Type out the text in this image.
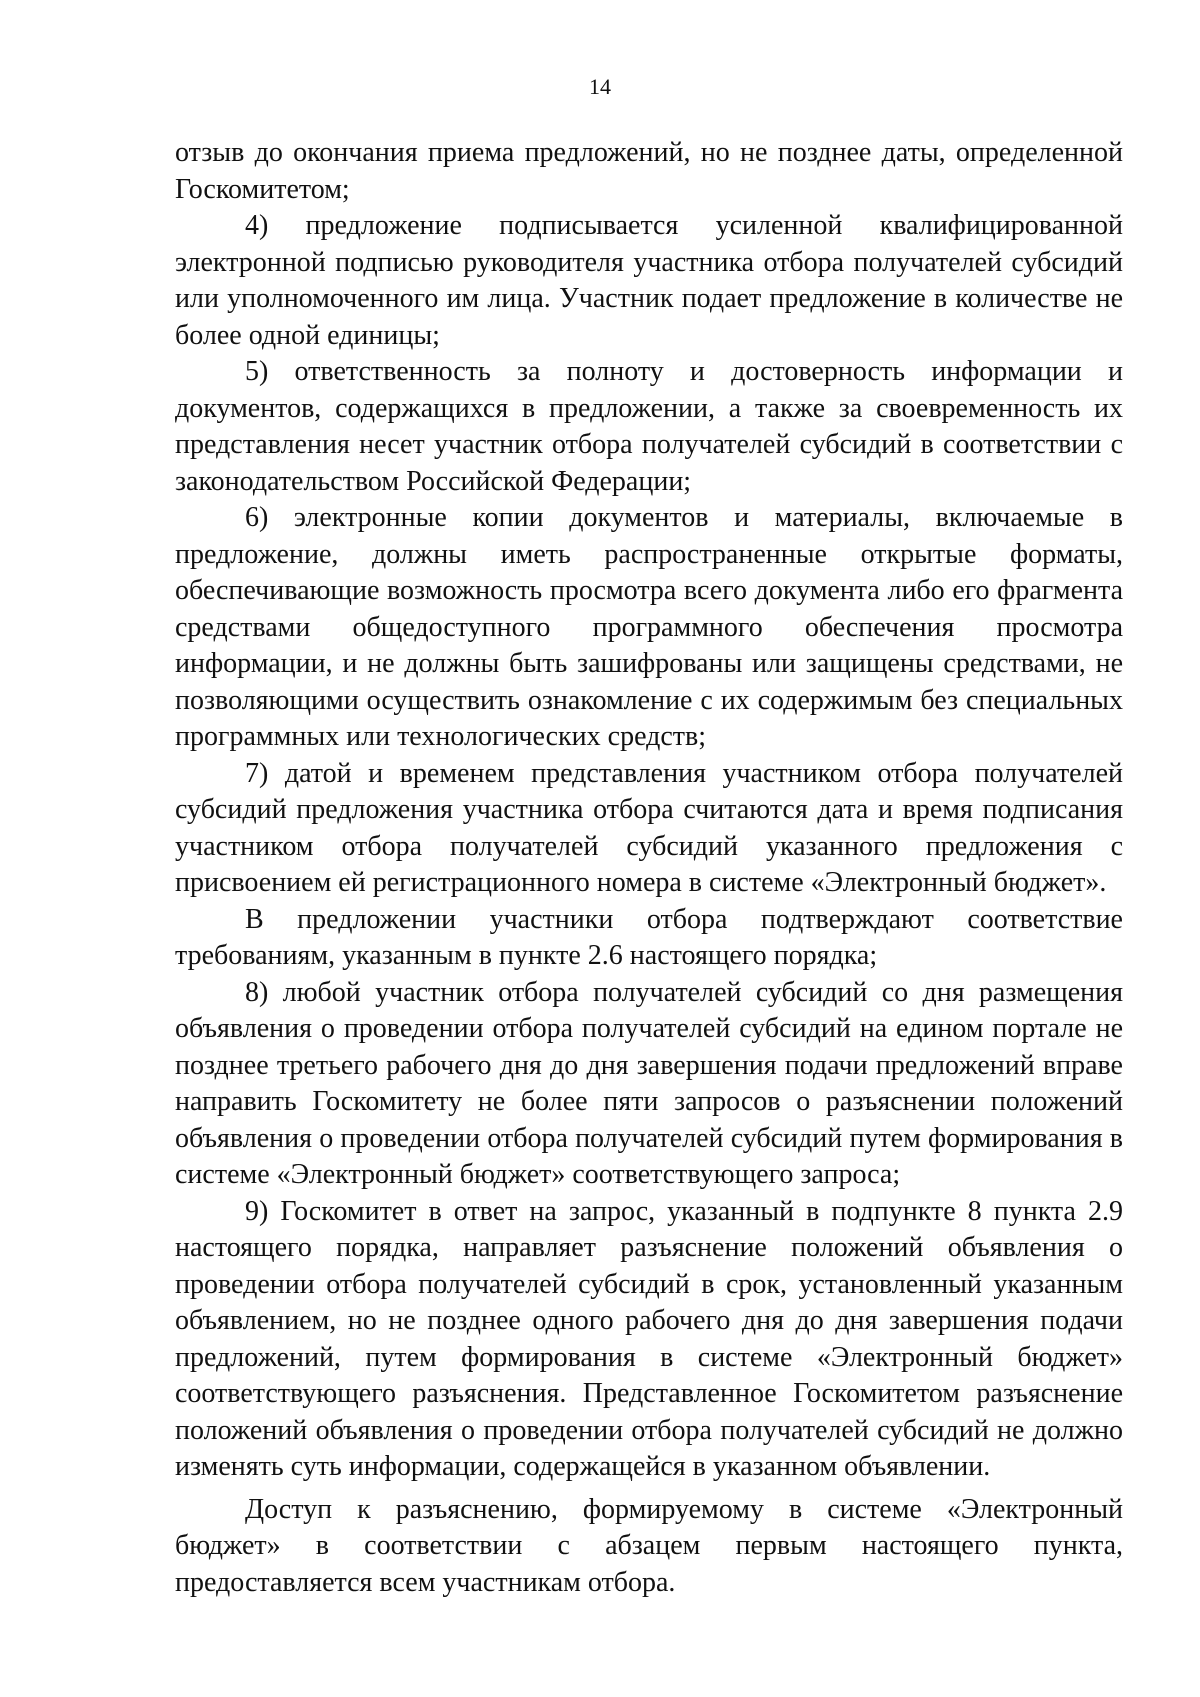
14

отзыв до окончания приема предложений, но не позднее даты, определенной Госкомитетом;

4) предложение подписывается усиленной квалифицированной электронной подписью руководителя участника отбора получателей субсидий или уполномоченного им лица. Участник подает предложение в количестве не более одной единицы;

5) ответственность за полноту и достоверность информации и документов, содержащихся в предложении, а также за своевременность их представления несет участник отбора получателей субсидий в соответствии с законодательством Российской Федерации;

6) электронные копии документов и материалы, включаемые в предложение, должны иметь распространенные открытые форматы, обеспечивающие возможность просмотра всего документа либо его фрагмента средствами общедоступного программного обеспечения просмотра информации, и не должны быть зашифрованы или защищены средствами, не позволяющими осуществить ознакомление с их содержимым без специальных программных или технологических средств;

7) датой и временем представления участником отбора получателей субсидий предложения участника отбора считаются дата и время подписания участником отбора получателей субсидий указанного предложения с присвоением ей регистрационного номера в системе «Электронный бюджет».

В предложении участники отбора подтверждают соответствие требованиям, указанным в пункте 2.6 настоящего порядка;

8) любой участник отбора получателей субсидий со дня размещения объявления о проведении отбора получателей субсидий на едином портале не позднее третьего рабочего дня до дня завершения подачи предложений вправе направить Госкомитету не более пяти запросов о разъяснении положений объявления о проведении отбора получателей субсидий путем формирования в системе «Электронный бюджет» соответствующего запроса;

9) Госкомитет в ответ на запрос, указанный в подпункте 8 пункта 2.9 настоящего порядка, направляет разъяснение положений объявления о проведении отбора получателей субсидий в срок, установленный указанным объявлением, но не позднее одного рабочего дня до дня завершения подачи предложений, путем формирования в системе «Электронный бюджет» соответствующего разъяснения. Представленное Госкомитетом разъяснение положений объявления о проведении отбора получателей субсидий не должно изменять суть информации, содержащейся в указанном объявлении.

Доступ к разъяснению, формируемому в системе «Электронный бюджет» в соответствии с абзацем первым настоящего пункта, предоставляется всем участникам отбора.
